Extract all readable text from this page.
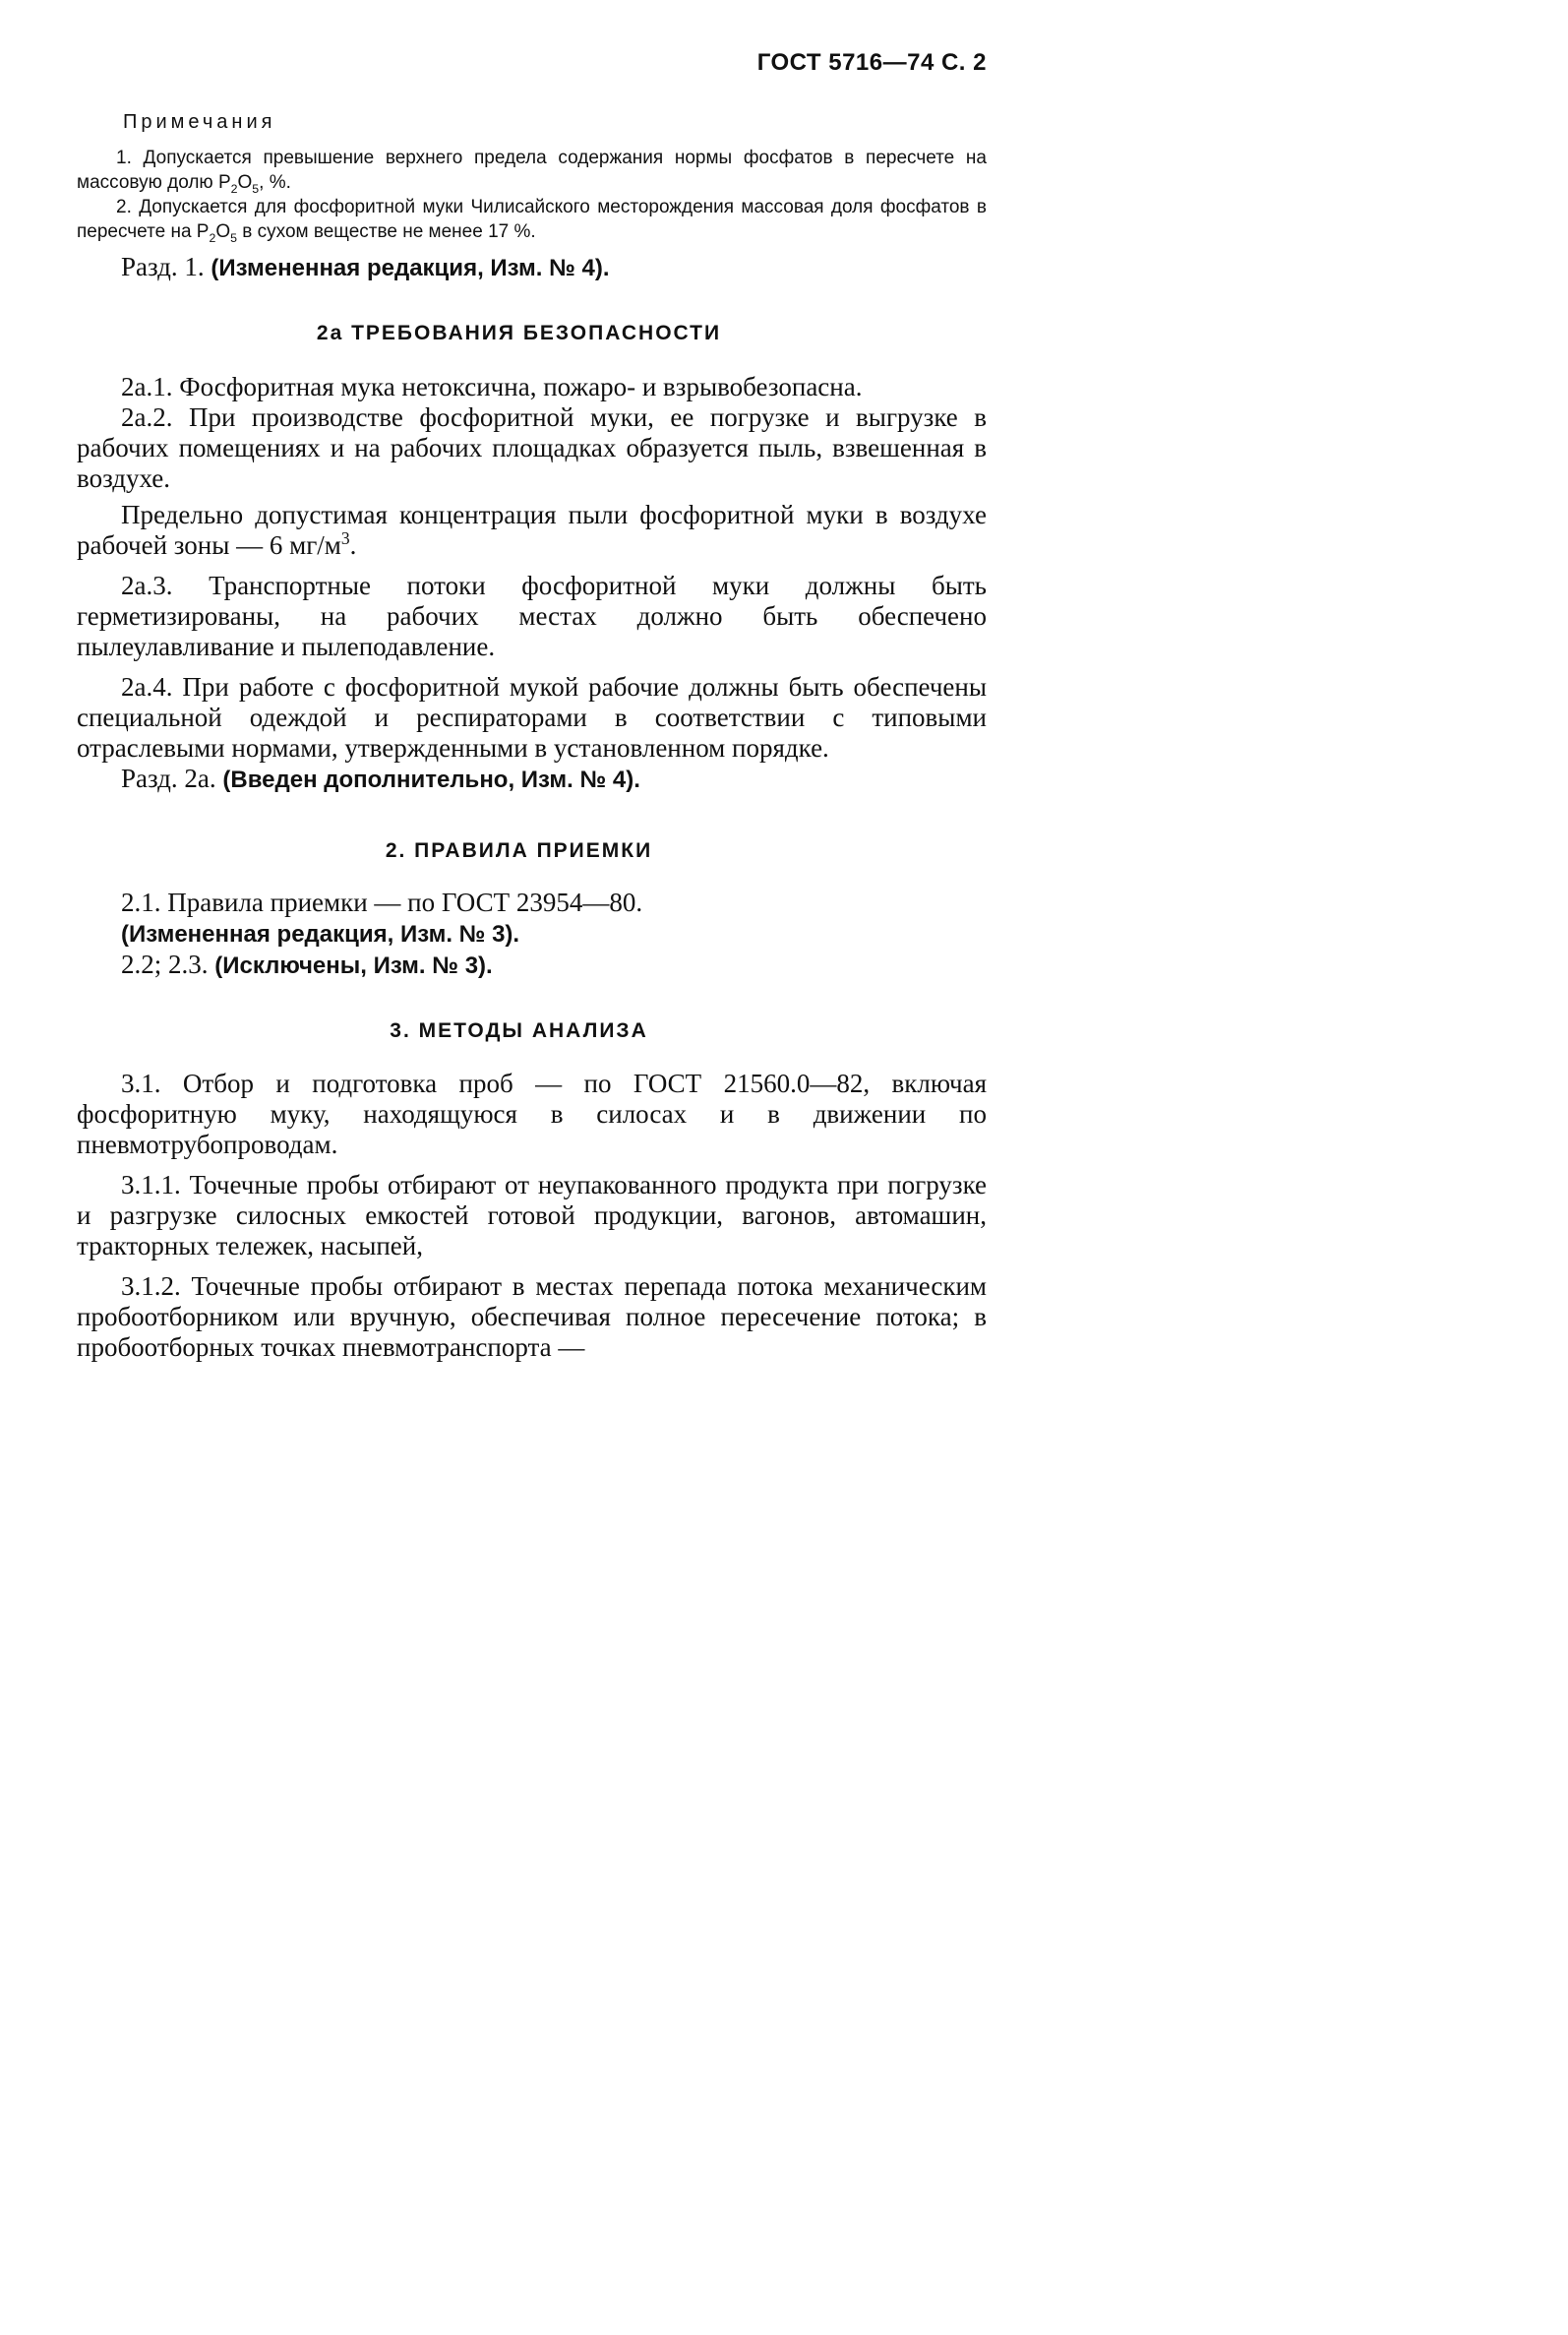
ГОСТ 5716—74 С. 2
Примечания

1. Допускается превышение верхнего предела содержания нормы фосфатов в пересчете на массовую долю $P_2O_5$, %.

2. Допускается для фосфоритной муки Чилисайского месторождения массовая доля фосфатов в пересчете на $P_2O_5$ в сухом веществе не менее 17 %.

Разд. 1. (Измененная редакция, Изм. № 4).
2а ТРЕБОВАНИЯ БЕЗОПАСНОСТИ

2а.1. Фосфоритная мука нетоксична, пожаро- и взрывобезопасна.

2а.2. При производстве фосфоритной муки, ее погрузке и выгрузке в рабочих помещениях и на рабочих площадках образуется пыль, взвешенная в воздухе.

Предельно допустимая концентрация пыли фосфоритной муки в воздухе рабочей зоны — 6 $мг/м^3$.

2а.3. Транспортные потоки фосфоритной муки должны быть герметизированы, на рабочих местах должно быть обеспечено пылеулавливание и пылеподавление.

2а.4. При работе с фосфоритной мукой рабочие должны быть обеспечены специальной одеждой и респираторами в соответствии с типовыми отраслевыми нормами, утвержденными в установленном порядке.

Разд. 2а. (Введен дополнительно, Изм. № 4).

2. ПРАВИЛА ПРИЕМКИ

2.1. Правила приемки — по ГОСТ 23954—80.

(Измененная редакция, Изм. № 3).

2.2; 2.3. (Исключены, Изм. № 3).

3. МЕТОДЫ АНАЛИЗА

3.1. Отбор и подготовка проб — по ГОСТ 21560.0—82, включая фосфоритную муку, находящуюся в силосах и в движении по пневмотрубопроводам.

3.1.1. Точечные пробы отбирают от неупакованного продукта при погрузке и разгрузке силосных емкостей готовой продукции, вагонов, автомашин, тракторных тележек, насыпей,

3.1.2. Точечные пробы отбирают в местах перепада потока механическим пробоотборником или вручную, обеспечивая полное пересечение потока; в пробоотборных точках пневмотранспорта —
